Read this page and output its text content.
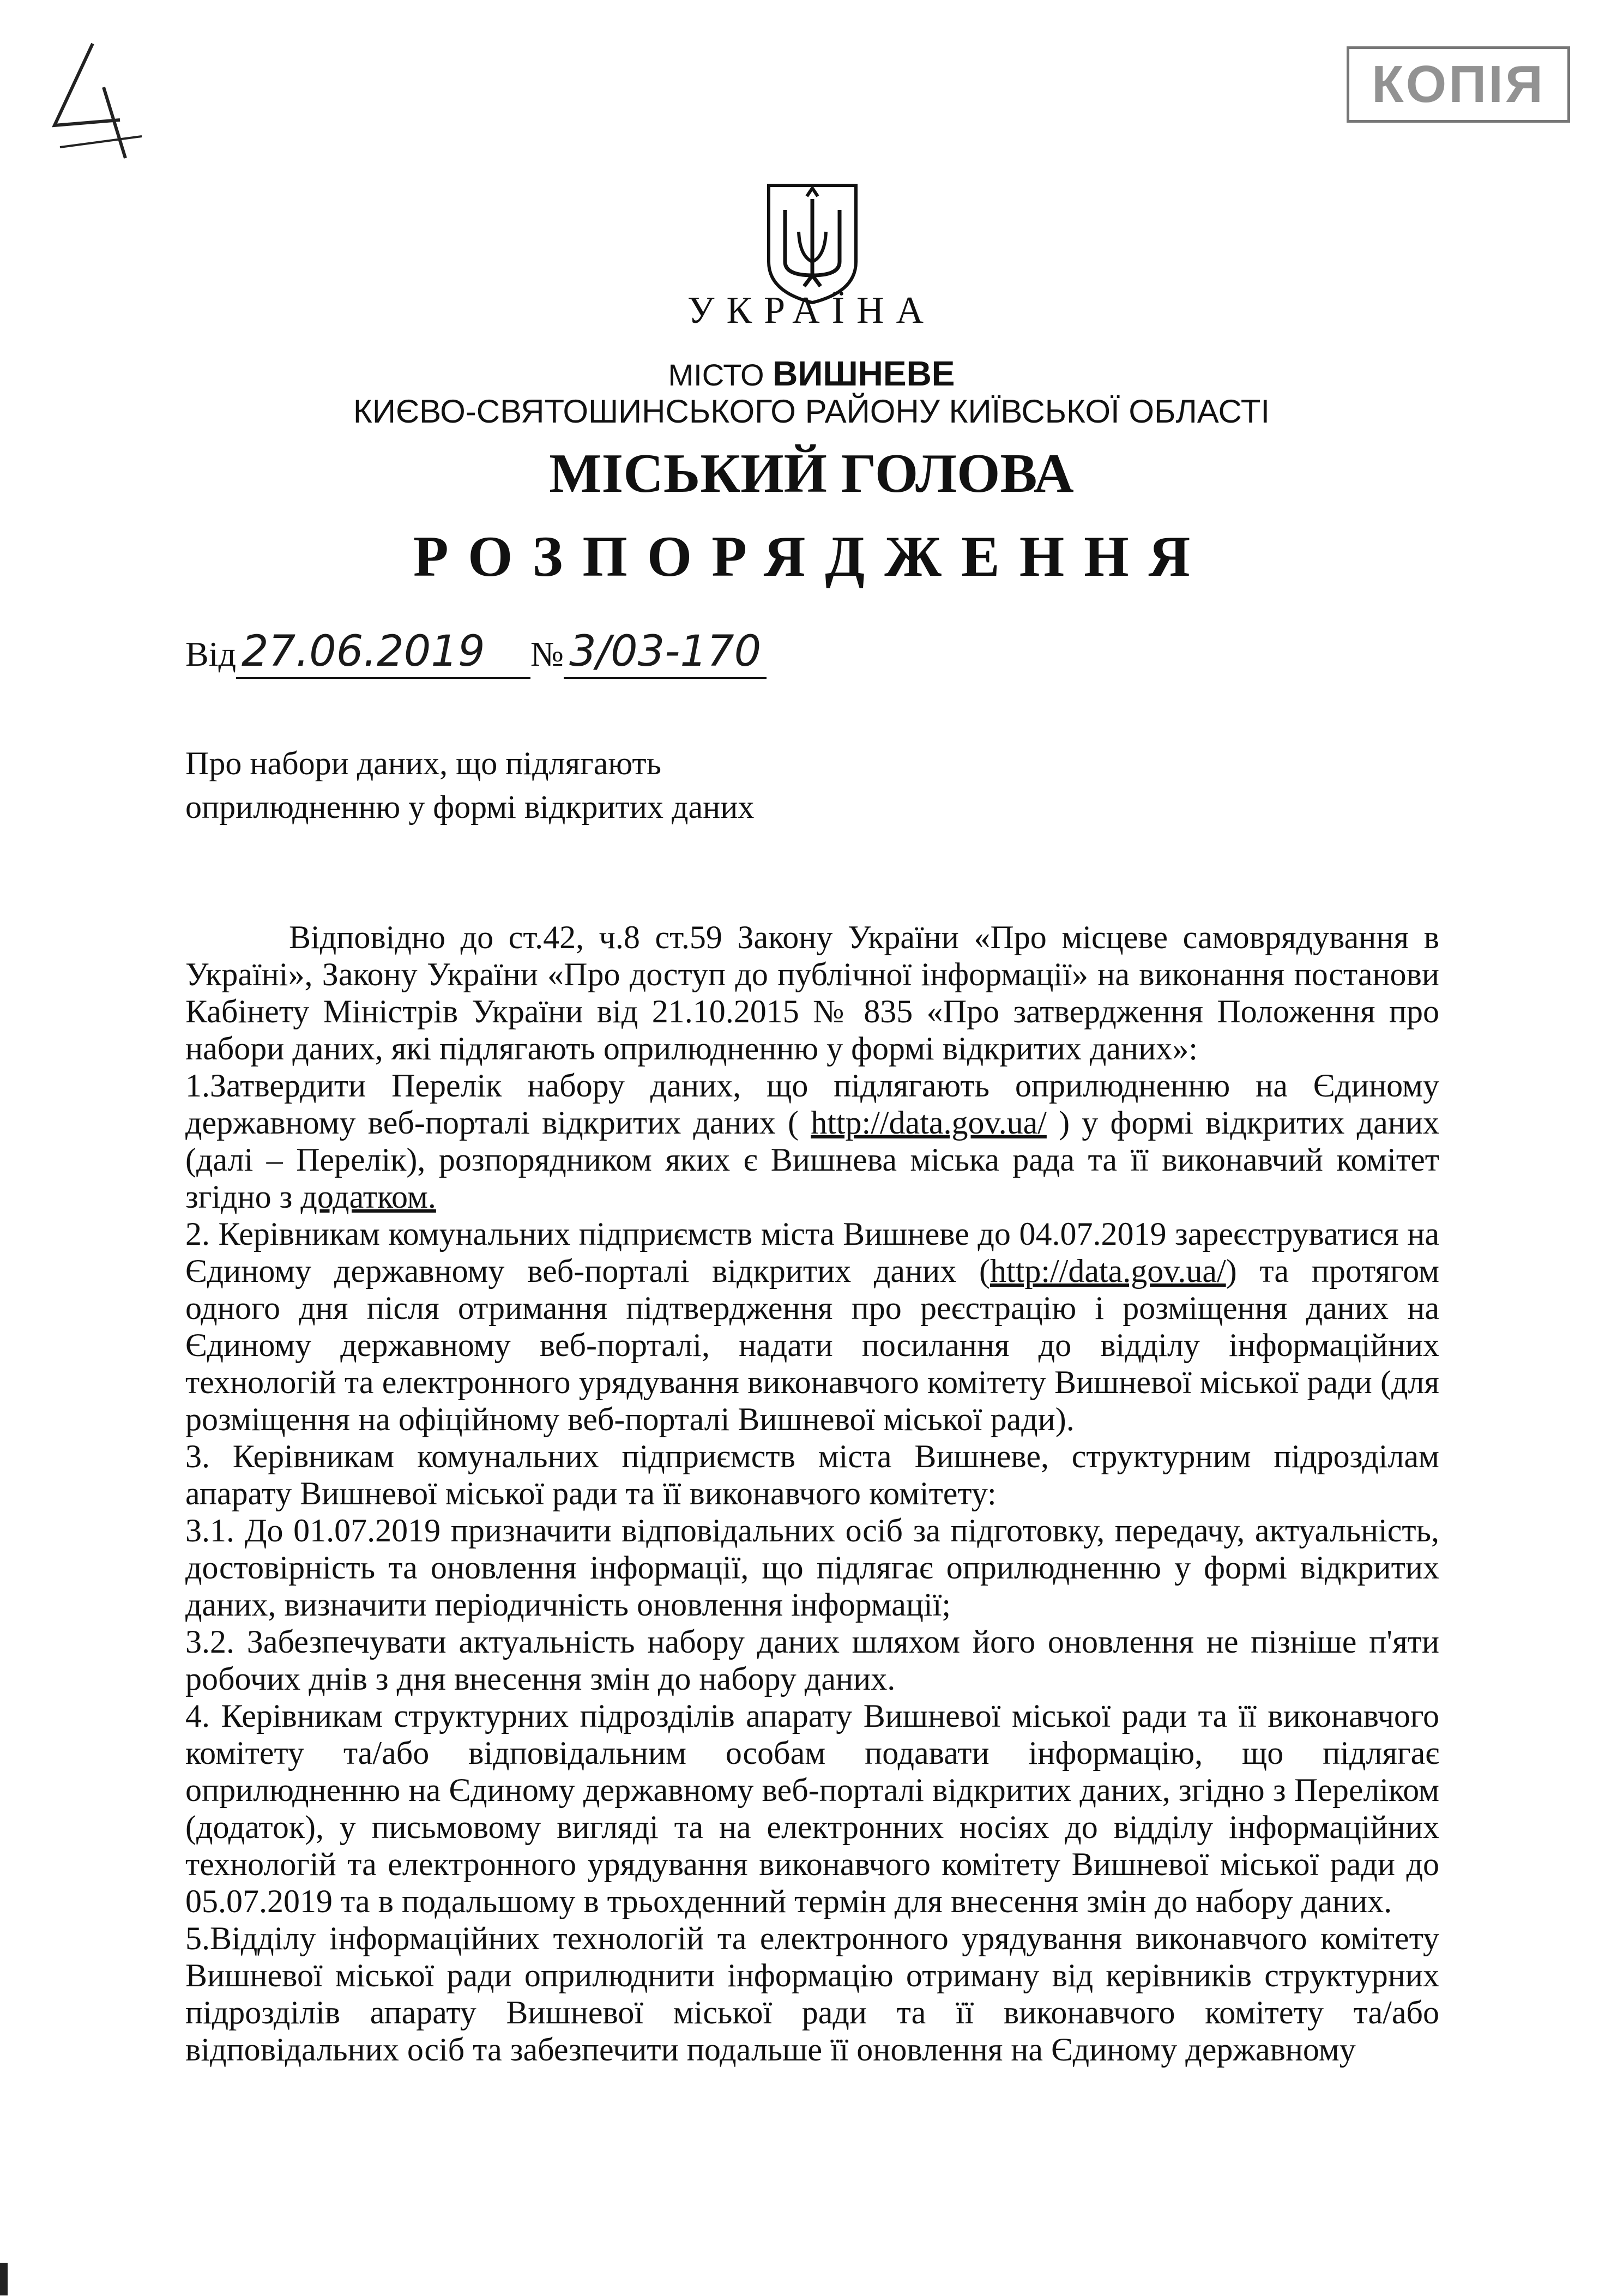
КОПІЯ
УКРАЇНА
МІСТО ВИШНЕВЕ
КИЄВО-СВЯТОШИНСЬКОГО РАЙОНУ КИЇВСЬКОЇ ОБЛАСТІ
МІСЬКИЙ ГОЛОВА
РОЗПОРЯДЖЕННЯ
Від 27.06.2019 № 3/03-170
Про набори даних, що підлягають
оприлюдненню у формі відкритих даних

Відповідно до ст.42, ч.8 ст.59 Закону України «Про місцеве самоврядування в Україні», Закону України «Про доступ до публічної інформації» на виконання постанови Кабінету Міністрів України від 21.10.2015 № 835 «Про затвердження Положення про набори даних, які підлягають оприлюдненню у формі відкритих даних»:

1.Затвердити Перелік набору даних, що підлягають оприлюдненню на Єдиному державному веб-порталі відкритих даних ( http://data.gov.ua/ ) у формі відкритих даних (далі – Перелік), розпорядником яких є Вишнева міська рада та її виконавчий комітет згідно з додатком.

2. Керівникам комунальних підприємств міста Вишневе до 04.07.2019 зареєструватися на Єдиному державному веб-порталі відкритих даних (http://data.gov.ua/) та протягом одного дня після отримання підтвердження про реєстрацію і розміщення даних на Єдиному державному веб-порталі, надати посилання до відділу інформаційних технологій та електронного урядування виконавчого комітету Вишневої міської ради (для розміщення на офіційному веб-порталі Вишневої міської ради).

3. Керівникам комунальних підприємств міста Вишневе, структурним підрозділам апарату Вишневої міської ради та її виконавчого комітету:

3.1. До 01.07.2019 призначити відповідальних осіб за підготовку, передачу, актуальність, достовірність та оновлення інформації, що підлягає оприлюдненню у формі відкритих даних, визначити періодичність оновлення інформації;

3.2. Забезпечувати актуальність набору даних шляхом його оновлення не пізніше п'яти робочих днів з дня внесення змін до набору даних.

4. Керівникам структурних підрозділів апарату Вишневої міської ради та її виконавчого комітету та/або відповідальним особам подавати інформацію, що підлягає оприлюдненню на Єдиному державному веб-порталі відкритих даних, згідно з Переліком (додаток), у письмовому вигляді та на електронних носіях до відділу інформаційних технологій та електронного урядування виконавчого комітету Вишневої міської ради до 05.07.2019 та в подальшому в трьохденний термін для внесення змін до набору даних.

5.Відділу інформаційних технологій та електронного урядування виконавчого комітету Вишневої міської ради оприлюднити інформацію отриману від керівників структурних підрозділів апарату Вишневої міської ради та її виконавчого комітету та/або відповідальних осіб та забезпечити подальше її оновлення на Єдиному державному
